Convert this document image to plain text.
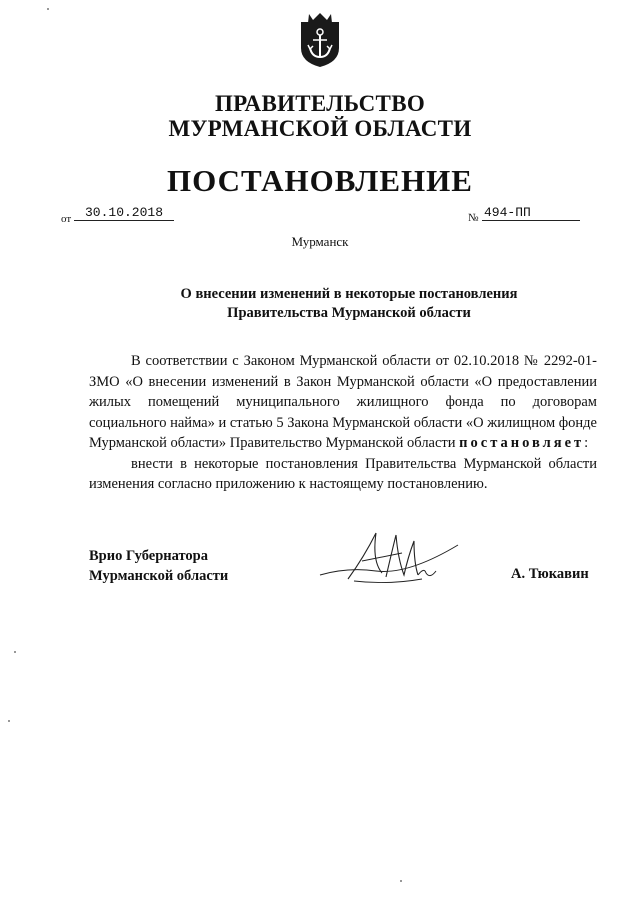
ПРАВИТЕЛЬСТВО
МУРМАНСКОЙ ОБЛАСТИ
ПОСТАНОВЛЕНИЕ
от	30.10.2018	№ 494-ПП
Мурманск
О внесении изменений в некоторые постановления
Правительства Мурманской области

В соответствии с Законом Мурманской области от 02.10.2018 № 2292-01-ЗМО «О внесении изменений в Закон Мурманской области «О предоставлении жилых помещений муниципального жилищного фонда по договорам социального найма» и статью 5 Закона Мурманской области «О жилищном фонде Мурманской области» Правительство Мурманской области постановляет:

внести в некоторые постановления Правительства Мурманской области изменения согласно приложению к настоящему постановлению.

Врио Губернатора
Мурманской области	А. Тюкавин
